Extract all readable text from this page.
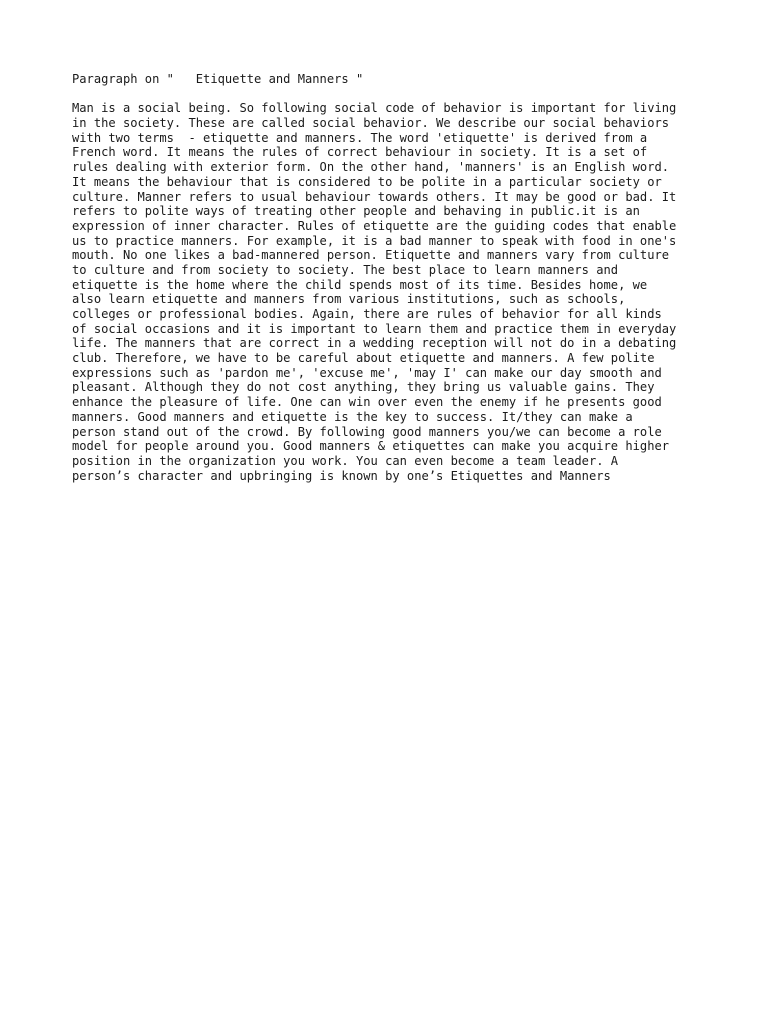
Paragraph on "   Etiquette and Manners "
Man is a social being. So following social code of behavior is important for living
in the society. These are called social behavior. We describe our social behaviors
with two terms  - etiquette and manners. The word 'etiquette' is derived from a
French word. It means the rules of correct behaviour in society. It is a set of
rules dealing with exterior form. On the other hand, 'manners' is an English word.
It means the behaviour that is considered to be polite in a particular society or
culture. Manner refers to usual behaviour towards others. It may be good or bad. It
refers to polite ways of treating other people and behaving in public.it is an
expression of inner character. Rules of etiquette are the guiding codes that enable
us to practice manners. For example, it is a bad manner to speak with food in one's
mouth. No one likes a bad-mannered person. Etiquette and manners vary from culture
to culture and from society to society. The best place to learn manners and
etiquette is the home where the child spends most of its time. Besides home, we
also learn etiquette and manners from various institutions, such as schools,
colleges or professional bodies. Again, there are rules of behavior for all kinds
of social occasions and it is important to learn them and practice them in everyday
life. The manners that are correct in a wedding reception will not do in a debating
club. Therefore, we have to be careful about etiquette and manners. A few polite
expressions such as 'pardon me', 'excuse me', 'may I' can make our day smooth and
pleasant. Although they do not cost anything, they bring us valuable gains. They
enhance the pleasure of life. One can win over even the enemy if he presents good
manners. Good manners and etiquette is the key to success. It/they can make a
person stand out of the crowd. By following good manners you/we can become a role
model for people around you. Good manners & etiquettes can make you acquire higher
position in the organization you work. You can even become a team leader. A
person’s character and upbringing is known by one’s Etiquettes and Manners
